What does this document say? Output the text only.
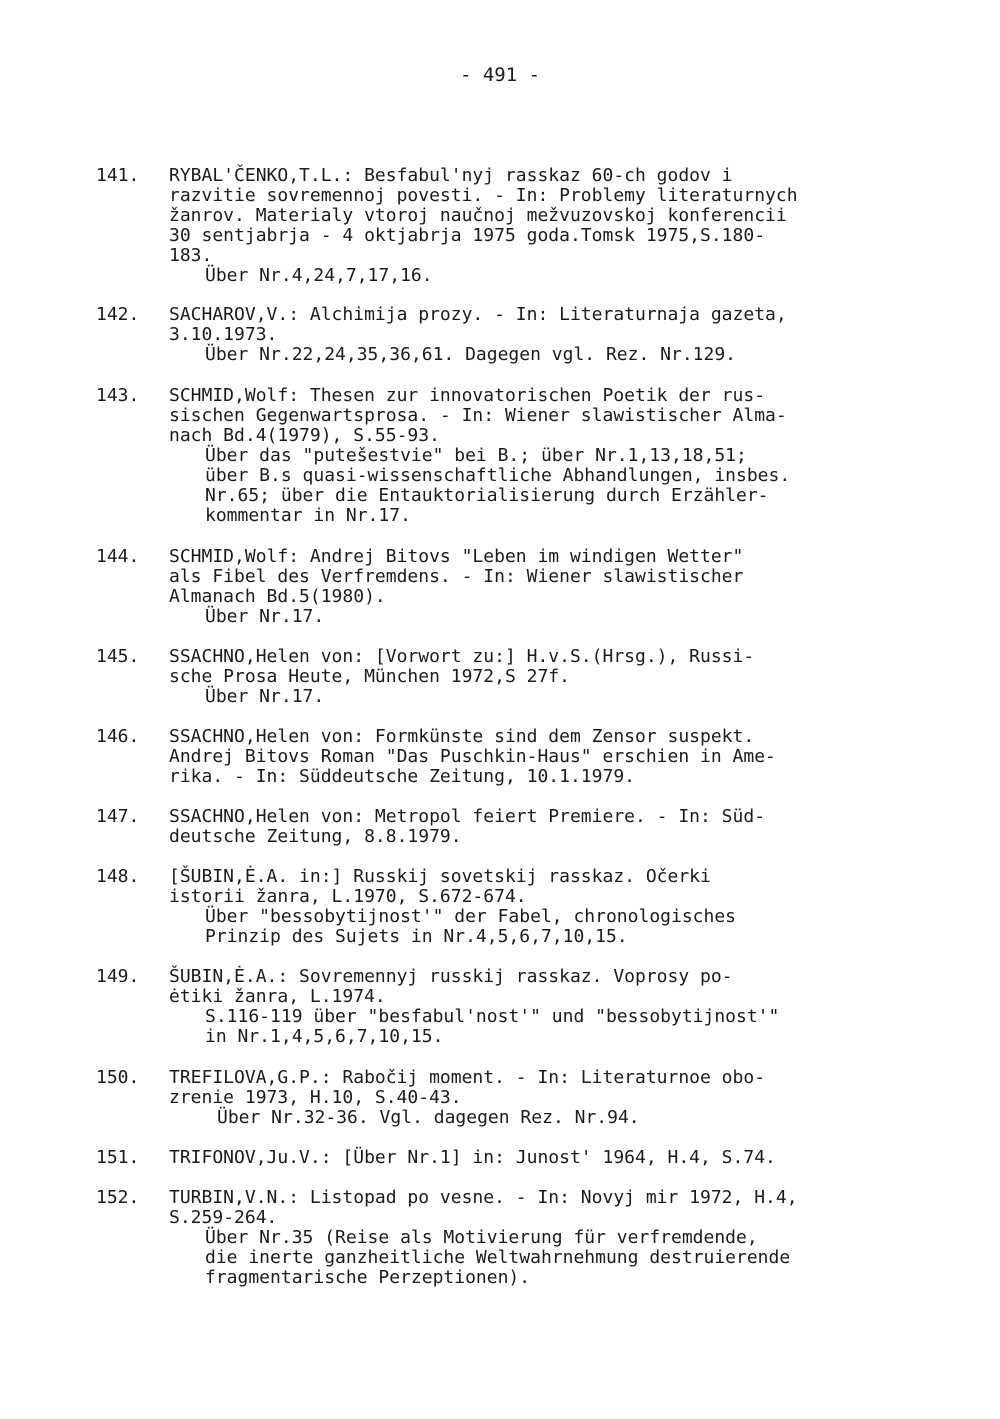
- 491 -
141.	RYBAL'ČENKO,T.L.: Besfabul'nyj rasskaz 60-ch godov i
razvitie sovremennoj povesti. - In: Problemy literaturnych
žanrov. Materialy vtoroj naučnoj mežvuzovskoj konferencii
30 sentjabrja - 4 oktjabrja 1975 goda.Tomsk 1975,S.180-
183.
Über Nr.4,24,7,17,16.
142.	SACHAROV,V.: Alchimija prozy. - In: Literaturnaja gazeta,
3.10.1973.
Über Nr.22,24,35,36,61. Dagegen vgl. Rez. Nr.129.
143.	SCHMID,Wolf: Thesen zur innovatorischen Poetik der rus-
sischen Gegenwartsprosa. - In: Wiener slawistischer Alma-
nach Bd.4(1979), S.55-93.
Über das "putešestvie" bei B.; über Nr.1,13,18,51;
über B.s quasi-wissenschaftliche Abhandlungen, insbes.
Nr.65; über die Entauktorialisierung durch Erzähler-
kommentar in Nr.17.
144.	SCHMID,Wolf: Andrej Bitovs "Leben im windigen Wetter"
als Fibel des Verfremdens. - In: Wiener slawistischer
Almanach Bd.5(1980).
Über Nr.17.
145.	SSACHNO,Helen von: [Vorwort zu:] H.v.S.(Hrsg.), Russi-
sche Prosa Heute, München 1972,S 27f.
Über Nr.17.
146.	SSACHNO,Helen von: Formkünste sind dem Zensor suspekt.
Andrej Bitovs Roman "Das Puschkin-Haus" erschien in Ame-
rika. - In: Süddeutsche Zeitung, 10.1.1979.
147.	SSACHNO,Helen von: Metropol feiert Premiere. - In: Süd-
deutsche Zeitung, 8.8.1979.
148.	[ŠUBIN,Ė.A. in:] Russkij sovetskij rasskaz. Očerki
istorii žanra, L.1970, S.672-674.
Über "bessobytijnost'" der Fabel, chronologisches
Prinzip des Sujets in Nr.4,5,6,7,10,15.
149.	ŠUBIN,Ė.A.: Sovremennyj russkij rasskaz. Voprosy po-
ėtiki žanra, L.1974.
S.116-119 über "besfabul'nost'" und "bessobytijnost'"
in Nr.1,4,5,6,7,10,15.
150.	TREFILOVA,G.P.: Rabočij moment. - In: Literaturnoe obo-
zrenie 1973, H.10, S.40-43.
Über Nr.32-36. Vgl. dagegen Rez. Nr.94.
151.	TRIFONOV,Ju.V.: [Über Nr.1] in: Junost' 1964, H.4, S.74.
152.	TURBIN,V.N.: Listopad po vesne. - In: Novyj mir 1972, H.4,
S.259-264.
Über Nr.35 (Reise als Motivierung für verfremdende,
die inerte ganzheitliche Weltwahrnehmung destruierende
fragmentarische Perzeptionen).
